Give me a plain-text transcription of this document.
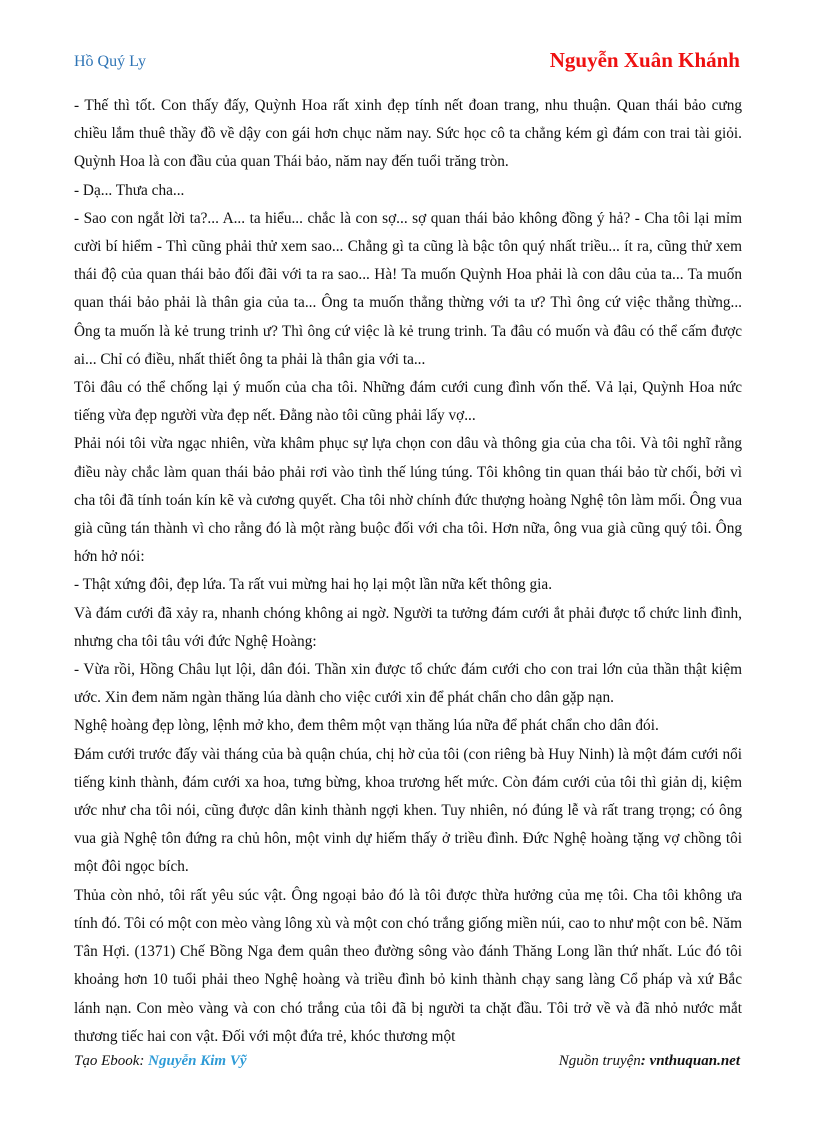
Hồ Quý Ly	Nguyễn Xuân Khánh

- Thế thì tốt. Con thấy đấy, Quỳnh Hoa rất xinh đẹp tính nết đoan trang, nhu thuận. Quan thái bảo cưng chiều lắm thuê thầy đồ về dậy con gái hơn chục năm nay. Sức học cô ta chẳng kém gì đám con trai tài giỏi. Quỳnh Hoa là con đầu của quan Thái bảo, năm nay đến tuổi trăng tròn.

- Dạ... Thưa cha...

- Sao con ngắt lời ta?... A... ta hiểu... chắc là con sợ... sợ quan thái bảo không đồng ý hả? - Cha tôi lại mỉm cười bí hiểm - Thì cũng phải thử xem sao... Chẳng gì ta cũng là bậc tôn quý nhất triều... ít ra, cũng thử xem thái độ của quan thái bảo đối đãi với ta ra sao... Hà! Ta muốn Quỳnh Hoa phải là con dâu của ta... Ta muốn quan thái bảo phải là thân gia của ta... Ông ta muốn thẳng thừng với ta ư? Thì ông cứ việc thẳng thừng... Ông ta muốn là kẻ trung trinh ư? Thì ông cứ việc là kẻ trung trinh. Ta đâu có muốn và đâu có thể cấm được ai... Chỉ có điều, nhất thiết ông ta phải là thân gia với ta...

Tôi đâu có thể chống lại ý muốn của cha tôi. Những đám cưới cung đình vốn thế. Vả lại, Quỳnh Hoa nức tiếng vừa đẹp người vừa đẹp nết. Đằng nào tôi cũng phải lấy vợ...

Phải nói tôi vừa ngạc nhiên, vừa khâm phục sự lựa chọn con dâu và thông gia của cha tôi. Và tôi nghĩ rằng điều này chắc làm quan thái bảo phải rơi vào tình thế lúng túng. Tôi không tin quan thái bảo từ chối, bởi vì cha tôi đã tính toán kín kẽ và cương quyết. Cha tôi nhờ chính đức thượng hoàng Nghệ tôn làm mối. Ông vua già cũng tán thành vì cho rằng đó là một ràng buộc đối với cha tôi. Hơn nữa, ông vua già cũng quý tôi. Ông hớn hở nói:

- Thật xứng đôi, đẹp lứa. Ta rất vui mừng hai họ lại một lần nữa kết thông gia.

Và đám cưới đã xảy ra, nhanh chóng không ai ngờ. Người ta tưởng đám cưới ắt phải được tổ chức linh đình, nhưng cha tôi tâu với đức Nghệ Hoàng:

- Vừa rồi, Hồng Châu lụt lội, dân đói. Thần xin được tổ chức đám cưới cho con trai lớn của thần thật kiệm ước. Xin đem năm ngàn thăng lúa dành cho việc cưới xin để phát chẩn cho dân gặp nạn.

Nghệ hoàng đẹp lòng, lệnh mở kho, đem thêm một vạn thăng lúa nữa để phát chẩn cho dân đói.

Đám cưới trước đấy vài tháng của bà quận chúa, chị hờ của tôi (con riêng bà Huy Ninh) là một đám cưới nổi tiếng kinh thành, đám cưới xa hoa, tưng bừng, khoa trương hết mức. Còn đám cưới của tôi thì giản dị, kiệm ước như cha tôi nói, cũng được dân kinh thành ngợi khen. Tuy nhiên, nó đúng lễ và rất trang trọng; có ông vua già Nghệ tôn đứng ra chủ hôn, một vinh dự hiếm thấy ở triều đình. Đức Nghệ hoàng tặng vợ chồng tôi một đôi ngọc bích.

Thủa còn nhỏ, tôi rất yêu súc vật. Ông ngoại bảo đó là tôi được thừa hưởng của mẹ tôi. Cha tôi không ưa tính đó. Tôi có một con mèo vàng lông xù và một con chó trắng giống miền núi, cao to như một con bê. Năm Tân Hợi. (1371) Chế Bồng Nga đem quân theo đường sông vào đánh Thăng Long lần thứ nhất. Lúc đó tôi khoảng hơn 10 tuổi phải theo Nghệ hoàng và triều đình bỏ kinh thành chạy sang làng Cổ pháp và xứ Bắc lánh nạn. Con mèo vàng và con chó trắng của tôi đã bị người ta chặt đầu. Tôi trở về và đã nhỏ nước mắt thương tiếc hai con vật. Đối với một đứa trẻ, khóc thương một

Tạo Ebook: Nguyễn Kim Vỹ	Nguồn truyện: vnthuquan.net
